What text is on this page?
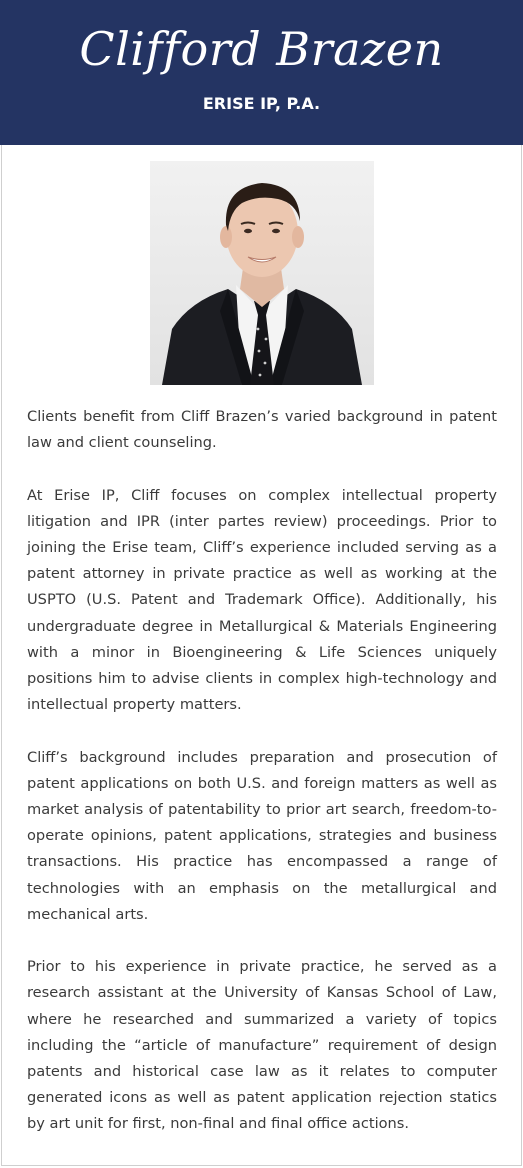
Clifford Brazen
ERISE IP, P.A.

Clients benefit from Cliff Brazen’s varied background in patent law and client counseling.

At Erise IP, Cliff focuses on complex intellectual property litigation and IPR (inter partes review) proceedings. Prior to joining the Erise team, Cliff’s experience included serving as a patent attorney in private practice as well as working at the USPTO (U.S. Patent and Trademark Office). Additionally, his undergraduate degree in Metallurgical & Materials Engineering with a minor in Bioengineering & Life Sciences uniquely positions him to advise clients in complex high-technology and intellectual property matters.

Cliff’s background includes preparation and prosecution of patent applications on both U.S. and foreign matters as well as market analysis of patentability to prior art search, freedom-to-operate opinions, patent applications, strategies and business transactions. His practice has encompassed a range of technologies with an emphasis on the metallurgical and mechanical arts.

Prior to his experience in private practice, he served as a research assistant at the University of Kansas School of Law, where he researched and summarized a variety of topics including the “article of manufacture” requirement of design patents and historical case law as it relates to computer generated icons as well as patent application rejection statics by art unit for first, non-final and final office actions.
